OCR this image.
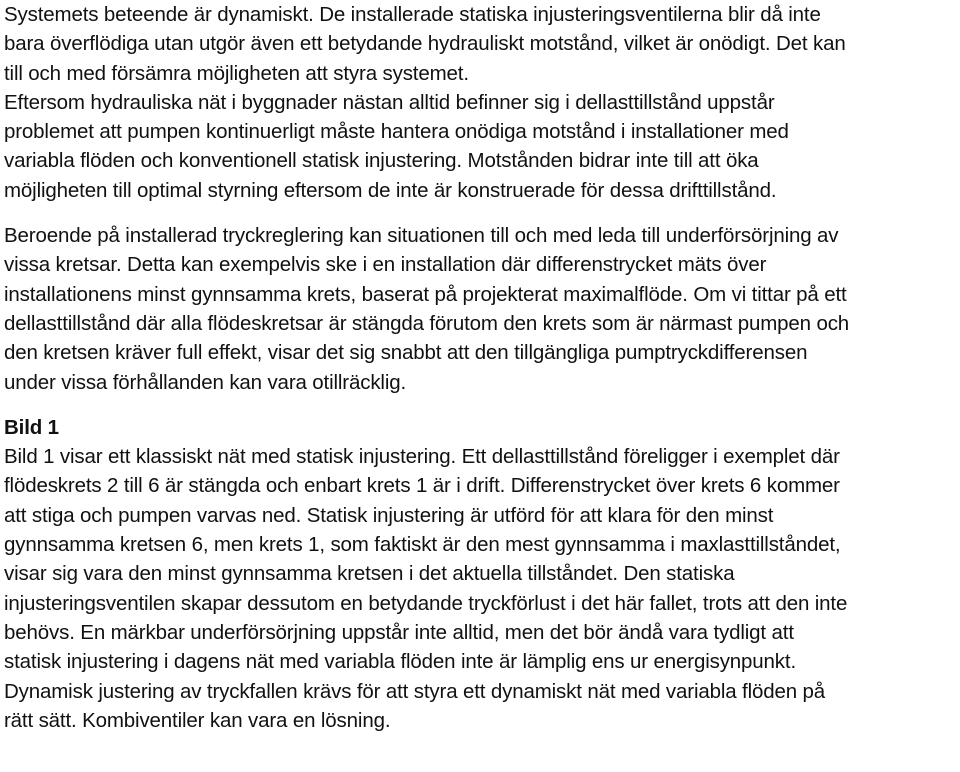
Systemets beteende är dynamiskt. De installerade statiska injusteringsventilerna blir då inte
bara överflödiga utan utgör även ett betydande hydrauliskt motstånd, vilket är onödigt. Det kan
till och med försämra möjligheten att styra systemet.
Eftersom hydrauliska nät i byggnader nästan alltid befinner sig i dellasttillstånd uppstår
problemet att pumpen kontinuerligt måste hantera onödiga motstånd i installationer med
variabla flöden och konventionell statisk injustering. Motstånden bidrar inte till att öka
möjligheten till optimal styrning eftersom de inte är konstruerade för dessa drifttillstånd.
Beroende på installerad tryckreglering kan situationen till och med leda till underförsörjning av
vissa kretsar. Detta kan exempelvis ske i en installation där differenstrycket mäts över
installationens minst gynnsamma krets, baserat på projekterat maximalflöde. Om vi tittar på ett
dellasttillstånd där alla flödeskretsar är stängda förutom den krets som är närmast pumpen och
den kretsen kräver full effekt, visar det sig snabbt att den tillgängliga pumptryckdifferensen
under vissa förhållanden kan vara otillräcklig.
Bild 1
Bild 1 visar ett klassiskt nät med statisk injustering. Ett dellasttillstånd föreligger i exemplet där
flödeskrets 2 till 6 är stängda och enbart krets 1 är i drift. Differenstrycket över krets 6 kommer
att stiga och pumpen varvas ned. Statisk injustering är utförd för att klara för den minst
gynnsamma kretsen 6, men krets 1, som faktiskt är den mest gynnsamma i maxlasttillståndet,
visar sig vara den minst gynnsamma kretsen i det aktuella tillståndet. Den statiska
injusteringsventilen skapar dessutom en betydande tryckförlust i det här fallet, trots att den inte
behövs. En märkbar underförsörjning uppstår inte alltid, men det bör ändå vara tydligt att
statisk injustering i dagens nät med variabla flöden inte är lämplig ens ur energisynpunkt.
Dynamisk justering av tryckfallen krävs för att styra ett dynamiskt nät med variabla flöden på
rätt sätt. Kombiventiler kan vara en lösning.
